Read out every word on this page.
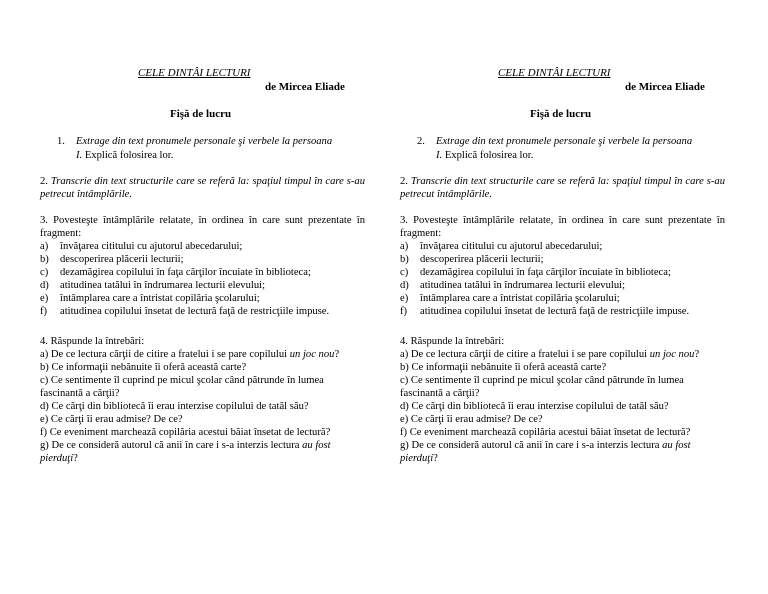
CELE DINTÂI LECTURI
de Mircea Eliade
Fişă de lucru
1. Extrage din text pronumele personale şi verbele la persoana
I. Explică folosirea lor.
2. Transcrie din text structurile care se referă la: spaţiul timpul în care s-au petrecut întâmplările.
3. Povesteşte întâmplările relatate, în ordinea în care sunt prezentate în fragment:
a)	învăţarea cititului cu ajutorul abecedarului;
b)	descoperirea plăcerii lecturii;
c)	dezamăgirea copilului în faţa cărţilor încuiate în biblioteca;
d)	atitudinea tatălui în îndrumarea lecturii elevului;
e)	întâmplarea care a întristat copilăria şcolarului;
f)	atitudinea copilului însetat de lectură faţă de restricţiile impuse.
4. Răspunde la întrebări:
a) De ce lectura cărţii de citire a fratelui i se pare copilului un joc nou?
b) Ce informaţii nebănuite îi oferă această carte?
c) Ce sentimente îl cuprind pe micul şcolar când pătrunde în lumea fascinantă a cărţii?
d) Ce cărţi din bibliotecă îi erau interzise copilului de tatăl său?
e) Ce cărţi îi erau admise? De ce?
f) Ce eveniment marchează copilăria acestui băiat însetat de lectură?
g) De ce consideră autorul că anii în care i s-a interzis lectura au fost pierduţi?
CELE DINTÂI LECTURI
de Mircea Eliade
Fişă de lucru
2. Extrage din text pronumele personale şi verbele la persoana
I. Explică folosirea lor.
2. Transcrie din text structurile care se referă la: spaţiul timpul în care s-au petrecut întâmplările.
3. Povesteşte întâmplările relatate, în ordinea în care sunt prezentate în fragment:
a)	învăţarea cititului cu ajutorul abecedarului;
b)	descoperirea plăcerii lecturii;
c)	dezamăgirea copilului în faţa cărţilor încuiate în biblioteca;
d)	atitudinea tatălui în îndrumarea lecturii elevului;
e)	întâmplarea care a întristat copilăria şcolarului;
f)	atitudinea copilului însetat de lectură faţă de restricţiile impuse.
4. Răspunde la întrebări:
a) De ce lectura cărţii de citire a fratelui i se pare copilului un joc nou?
b) Ce informaţii nebănuite îi oferă această carte?
c) Ce sentimente îl cuprind pe micul şcolar când pătrunde în lumea fascinantă a cărţii?
d) Ce cărţi din bibliotecă îi erau interzise copilului de tatăl său?
e) Ce cărţi îi erau admise? De ce?
f) Ce eveniment marchează copilăria acestui băiat însetat de lectură?
g) De ce consideră autorul că anii în care i s-a interzis lectura au fost pierduţi?
